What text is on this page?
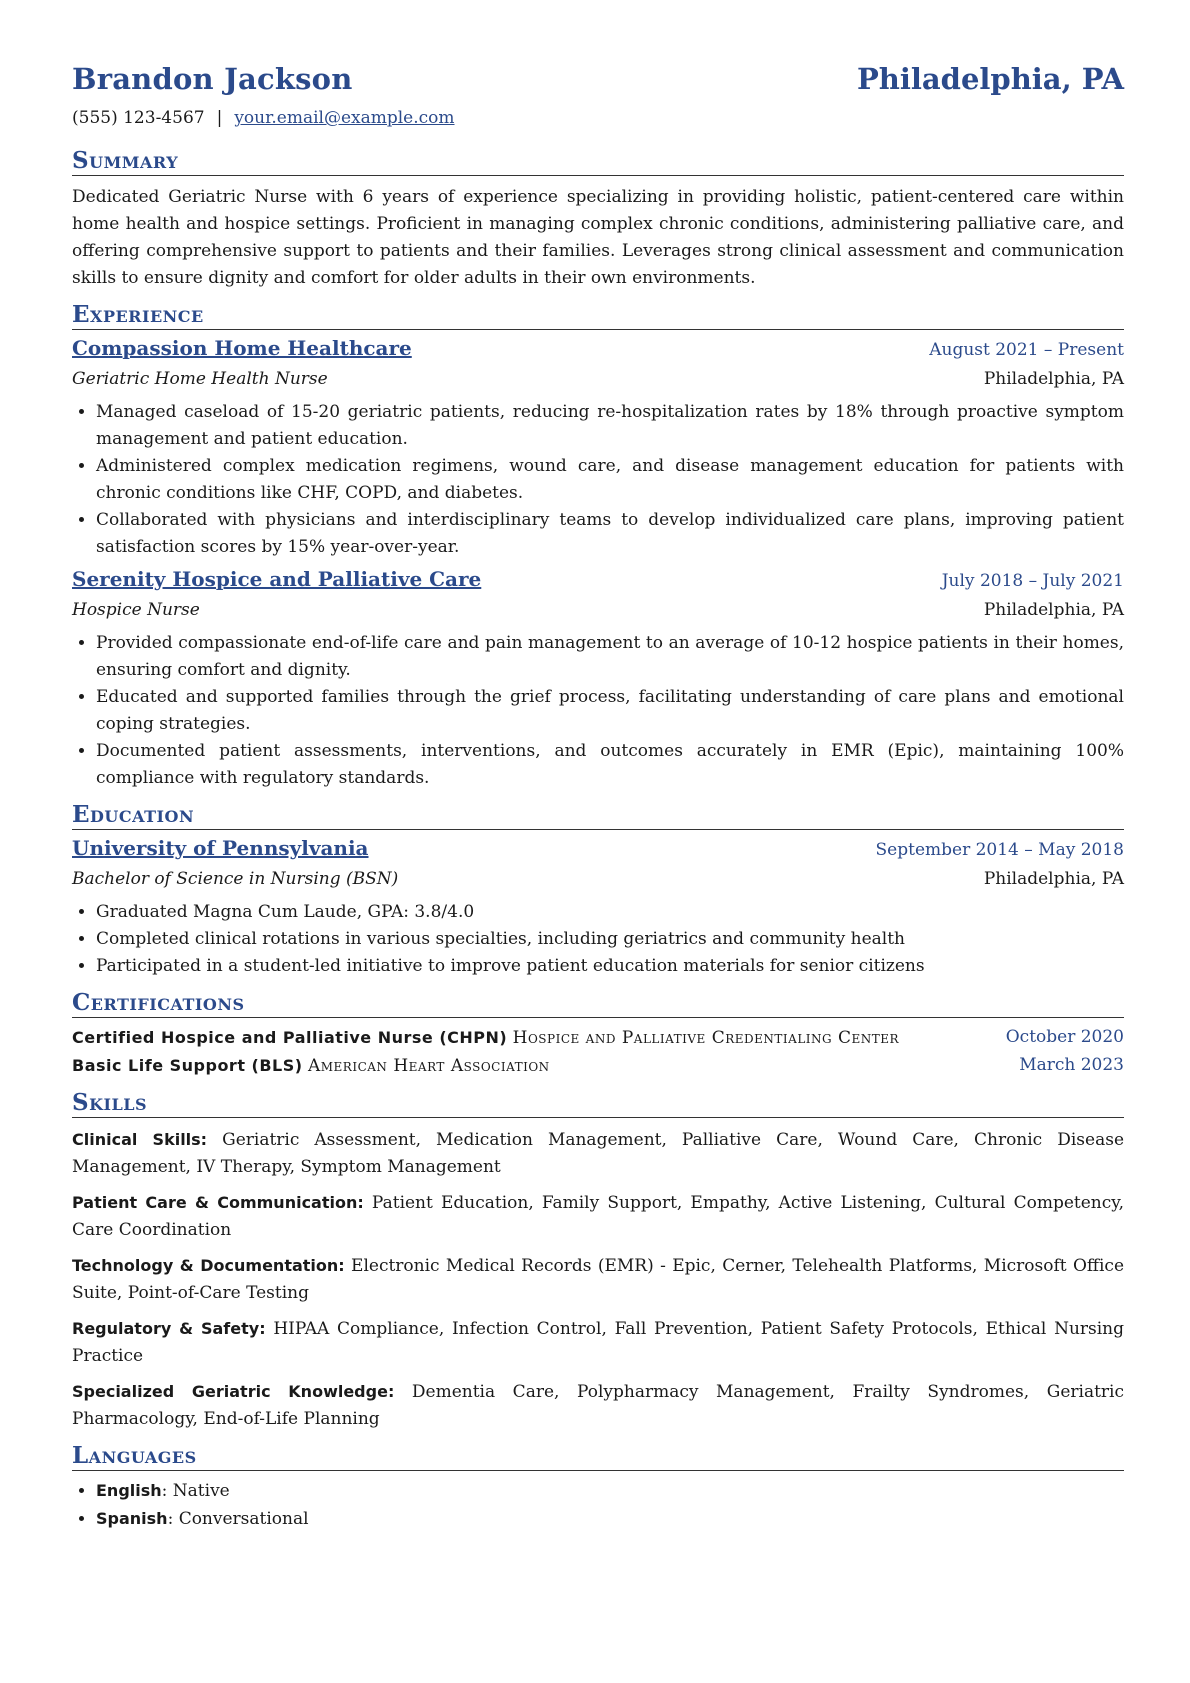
Brandon Jackson	Philadelphia, PA
(555) 123-4567 | your.email@example.com
Summary

Dedicated Geriatric Nurse with 6 years of experience specializing in providing holistic, patient-centered care within home health and hospice settings. Proficient in managing complex chronic conditions, administering palliative care, and offering comprehensive support to patients and their families. Leverages strong clinical assessment and communication skills to ensure dignity and comfort for older adults in their own environments.

Experience
Compassion Home Healthcare	August 2021 – Present
Geriatric Home Health Nurse	Philadelphia, PA
• Managed caseload of 15-20 geriatric patients, reducing re-hospitalization rates by 18% through proactive symptom management and patient education.
• Administered complex medication regimens, wound care, and disease management education for patients with chronic conditions like CHF, COPD, and diabetes.
• Collaborated with physicians and interdisciplinary teams to develop individualized care plans, improving patient satisfaction scores by 15% year-over-year.
Serenity Hospice and Palliative Care	July 2018 – July 2021
Hospice Nurse	Philadelphia, PA
• Provided compassionate end-of-life care and pain management to an average of 10-12 hospice patients in their homes, ensuring comfort and dignity.
• Educated and supported families through the grief process, facilitating understanding of care plans and emotional coping strategies.
• Documented patient assessments, interventions, and outcomes accurately in EMR (Epic), maintaining 100% compliance with regulatory standards.
Education
University of Pennsylvania	September 2014 – May 2018
Bachelor of Science in Nursing (BSN)	Philadelphia, PA
• Graduated Magna Cum Laude, GPA: 3.8/4.0
• Completed clinical rotations in various specialties, including geriatrics and community health
• Participated in a student-led initiative to improve patient education materials for senior citizens
Certifications
Certified Hospice and Palliative Nurse (CHPN) Hospice and Palliative Credentialing Center	October 2020
Basic Life Support (BLS) American Heart Association	March 2023
Skills
Clinical Skills: Geriatric Assessment, Medication Management, Palliative Care, Wound Care, Chronic Disease Management, IV Therapy, Symptom Management
Patient Care & Communication: Patient Education, Family Support, Empathy, Active Listening, Cultural Competency, Care Coordination
Technology & Documentation: Electronic Medical Records (EMR) - Epic, Cerner, Telehealth Platforms, Microsoft Office Suite, Point-of-Care Testing
Regulatory & Safety: HIPAA Compliance, Infection Control, Fall Prevention, Patient Safety Protocols, Ethical Nursing Practice
Specialized Geriatric Knowledge: Dementia Care, Polypharmacy Management, Frailty Syndromes, Geriatric Pharmacology, End-of-Life Planning
Languages
• English: Native
• Spanish: Conversational
